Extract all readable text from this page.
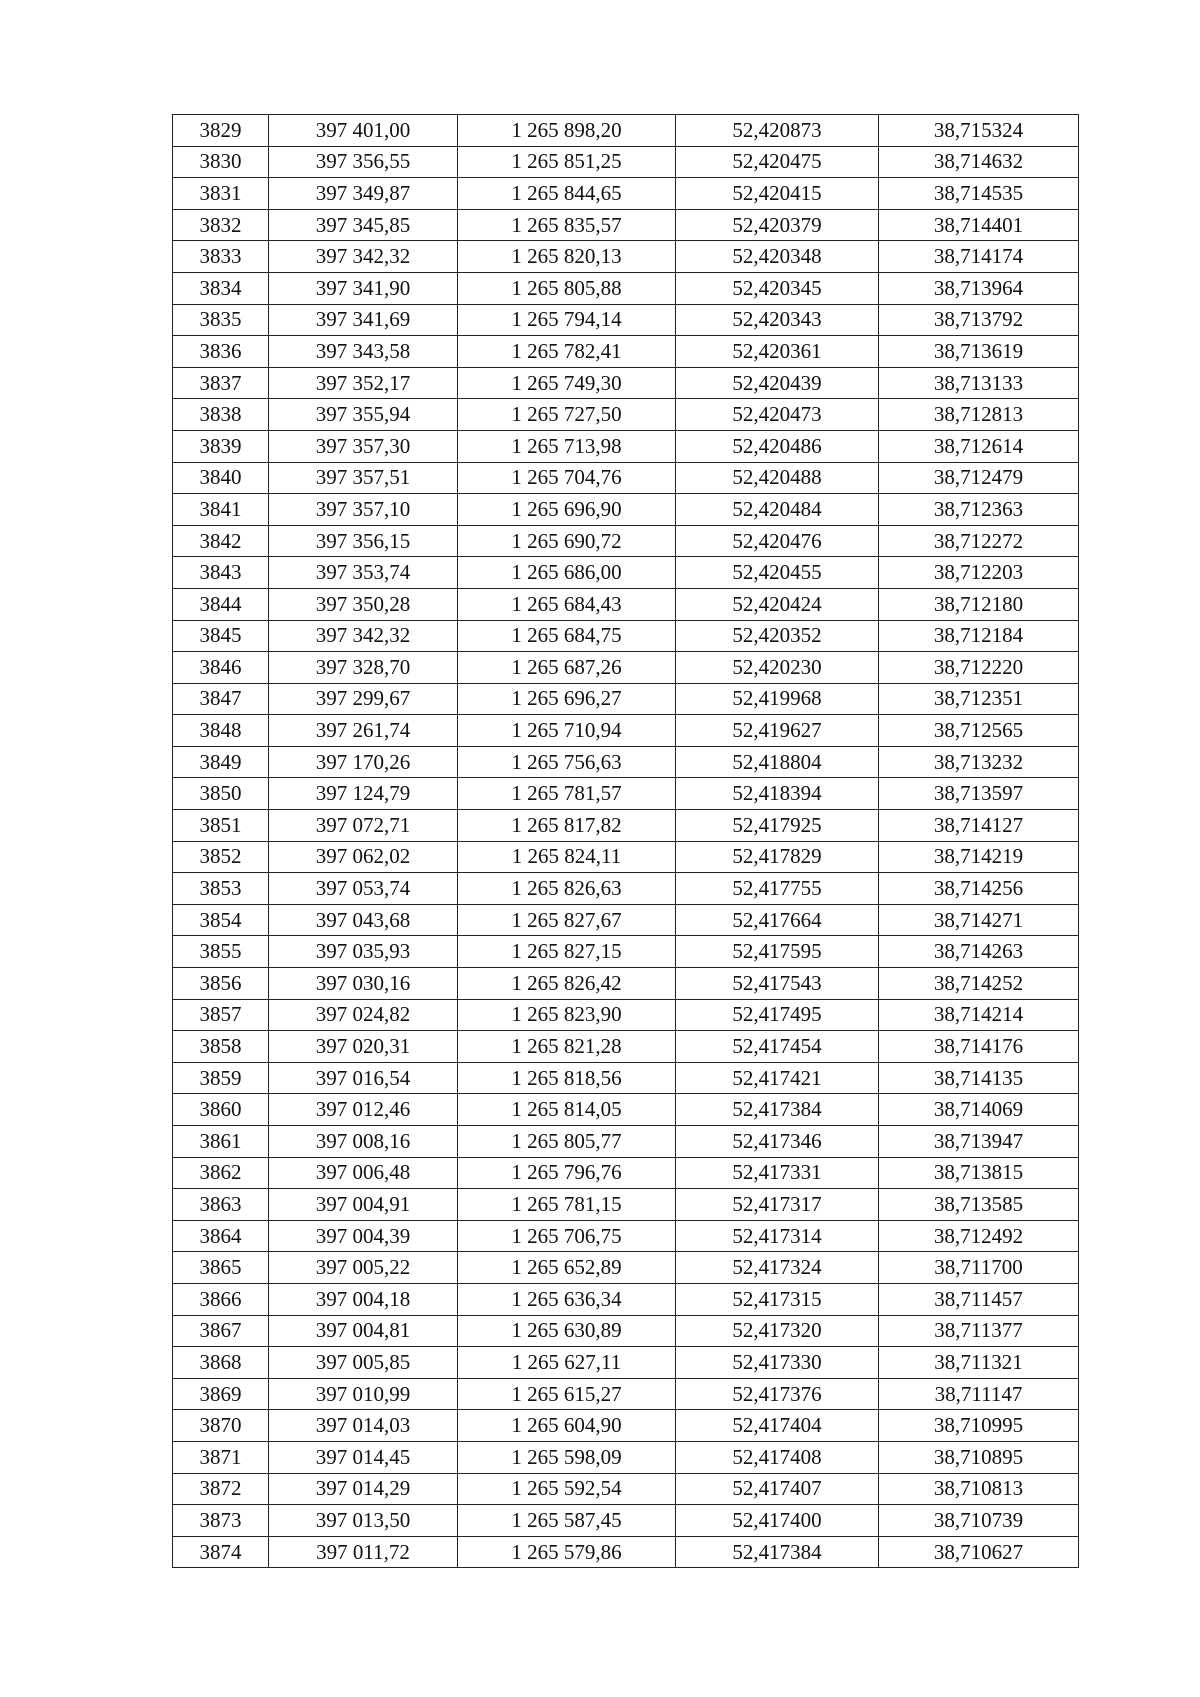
3829	397 401,00	1 265 898,20	52,420873	38,715324
3830	397 356,55	1 265 851,25	52,420475	38,714632
3831	397 349,87	1 265 844,65	52,420415	38,714535
3832	397 345,85	1 265 835,57	52,420379	38,714401
3833	397 342,32	1 265 820,13	52,420348	38,714174
3834	397 341,90	1 265 805,88	52,420345	38,713964
3835	397 341,69	1 265 794,14	52,420343	38,713792
3836	397 343,58	1 265 782,41	52,420361	38,713619
3837	397 352,17	1 265 749,30	52,420439	38,713133
3838	397 355,94	1 265 727,50	52,420473	38,712813
3839	397 357,30	1 265 713,98	52,420486	38,712614
3840	397 357,51	1 265 704,76	52,420488	38,712479
3841	397 357,10	1 265 696,90	52,420484	38,712363
3842	397 356,15	1 265 690,72	52,420476	38,712272
3843	397 353,74	1 265 686,00	52,420455	38,712203
3844	397 350,28	1 265 684,43	52,420424	38,712180
3845	397 342,32	1 265 684,75	52,420352	38,712184
3846	397 328,70	1 265 687,26	52,420230	38,712220
3847	397 299,67	1 265 696,27	52,419968	38,712351
3848	397 261,74	1 265 710,94	52,419627	38,712565
3849	397 170,26	1 265 756,63	52,418804	38,713232
3850	397 124,79	1 265 781,57	52,418394	38,713597
3851	397 072,71	1 265 817,82	52,417925	38,714127
3852	397 062,02	1 265 824,11	52,417829	38,714219
3853	397 053,74	1 265 826,63	52,417755	38,714256
3854	397 043,68	1 265 827,67	52,417664	38,714271
3855	397 035,93	1 265 827,15	52,417595	38,714263
3856	397 030,16	1 265 826,42	52,417543	38,714252
3857	397 024,82	1 265 823,90	52,417495	38,714214
3858	397 020,31	1 265 821,28	52,417454	38,714176
3859	397 016,54	1 265 818,56	52,417421	38,714135
3860	397 012,46	1 265 814,05	52,417384	38,714069
3861	397 008,16	1 265 805,77	52,417346	38,713947
3862	397 006,48	1 265 796,76	52,417331	38,713815
3863	397 004,91	1 265 781,15	52,417317	38,713585
3864	397 004,39	1 265 706,75	52,417314	38,712492
3865	397 005,22	1 265 652,89	52,417324	38,711700
3866	397 004,18	1 265 636,34	52,417315	38,711457
3867	397 004,81	1 265 630,89	52,417320	38,711377
3868	397 005,85	1 265 627,11	52,417330	38,711321
3869	397 010,99	1 265 615,27	52,417376	38,711147
3870	397 014,03	1 265 604,90	52,417404	38,710995
3871	397 014,45	1 265 598,09	52,417408	38,710895
3872	397 014,29	1 265 592,54	52,417407	38,710813
3873	397 013,50	1 265 587,45	52,417400	38,710739
3874	397 011,72	1 265 579,86	52,417384	38,710627
